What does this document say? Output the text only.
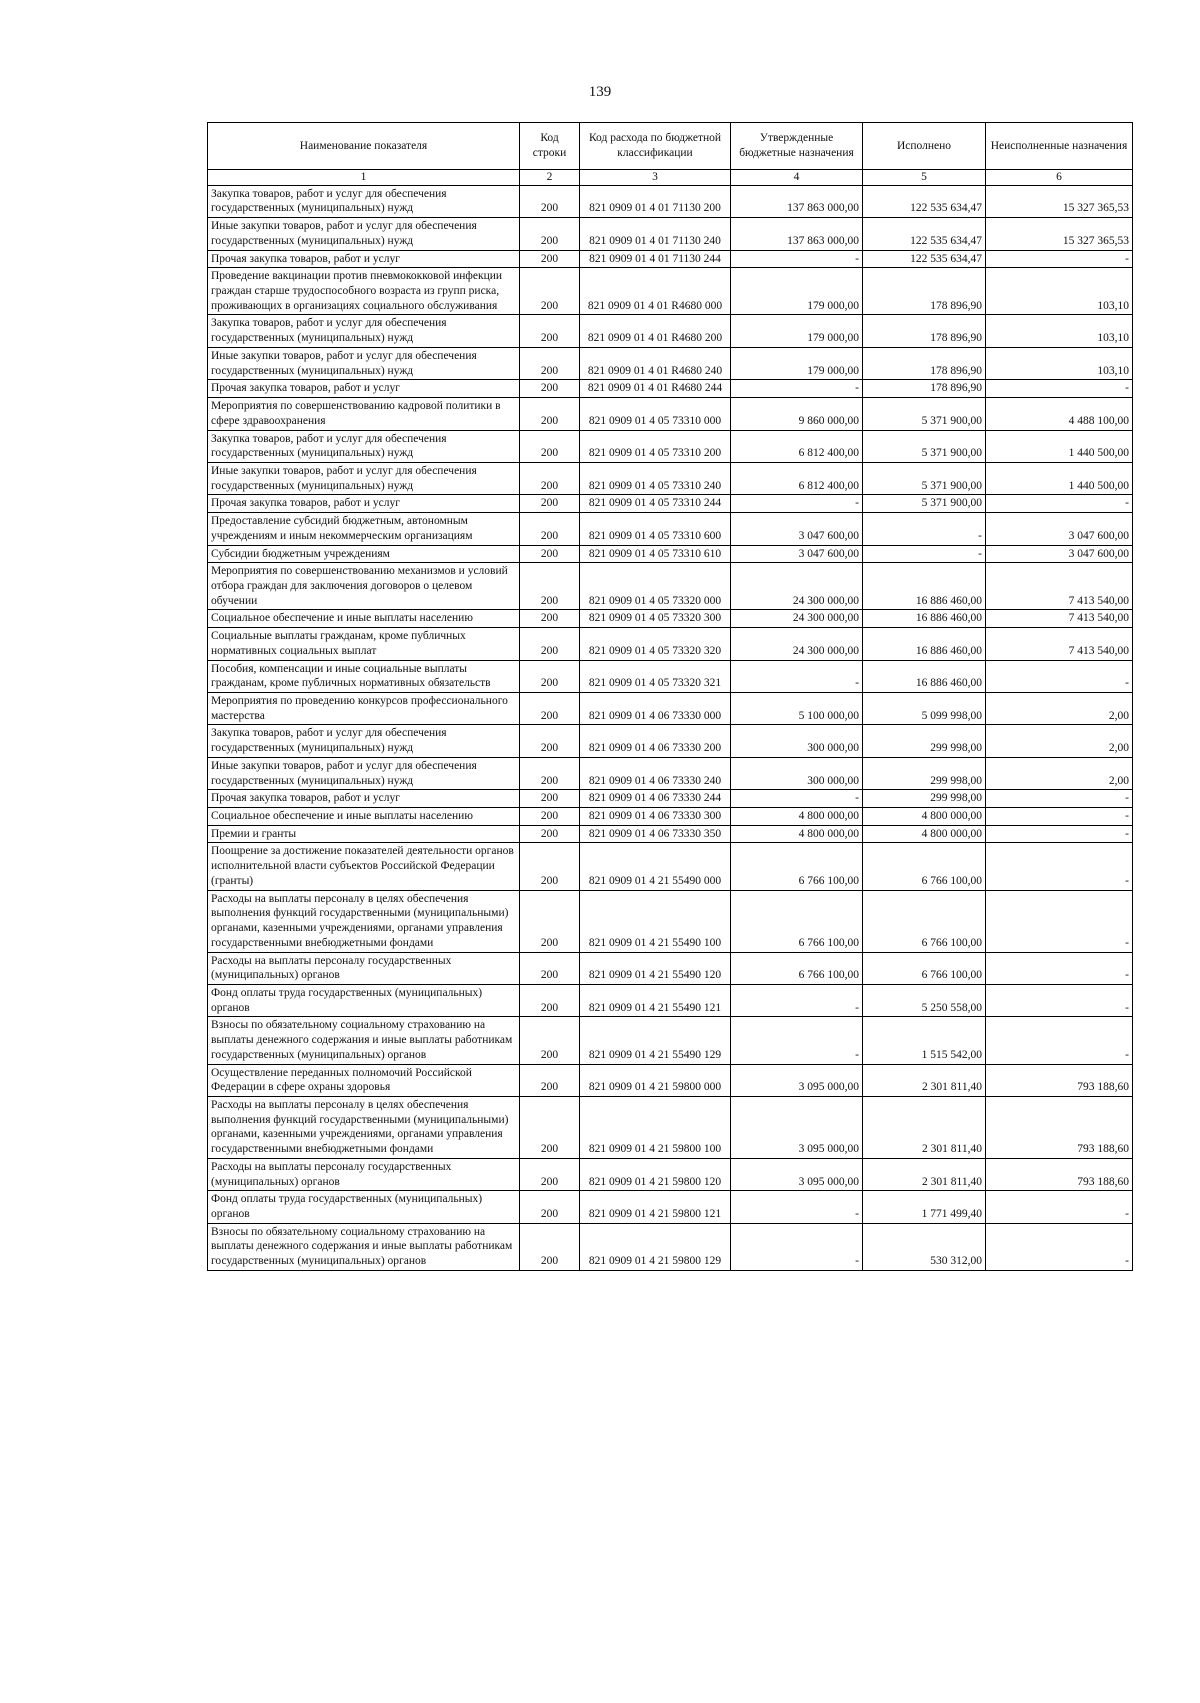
139
Наименование показателя	Код строки	Код расхода по бюджетной классификации	Утвержденные бюджетные назначения	Исполнено	Неисполненные назначения
1	2	3	4	5	6
Закупка товаров, работ и услуг для обеспечения государственных (муниципальных) нужд	200	821 0909 01 4 01 71130 200	137 863 000,00	122 535 634,47	15 327 365,53
Иные закупки товаров, работ и услуг для обеспечения государственных (муниципальных) нужд	200	821 0909 01 4 01 71130 240	137 863 000,00	122 535 634,47	15 327 365,53
Прочая закупка товаров, работ и услуг	200	821 0909 01 4 01 71130 244	-	122 535 634,47	-
Проведение вакцинации против пневмококковой инфекции граждан старше трудоспособного возраста из групп риска, проживающих в организациях социального обслуживания	200	821 0909 01 4 01 R4680 000	179 000,00	178 896,90	103,10
Закупка товаров, работ и услуг для обеспечения государственных (муниципальных) нужд	200	821 0909 01 4 01 R4680 200	179 000,00	178 896,90	103,10
Иные закупки товаров, работ и услуг для обеспечения государственных (муниципальных) нужд	200	821 0909 01 4 01 R4680 240	179 000,00	178 896,90	103,10
Прочая закупка товаров, работ и услуг	200	821 0909 01 4 01 R4680 244	-	178 896,90	-
Мероприятия по совершенствованию кадровой политики в сфере здравоохранения	200	821 0909 01 4 05 73310 000	9 860 000,00	5 371 900,00	4 488 100,00
Закупка товаров, работ и услуг для обеспечения государственных (муниципальных) нужд	200	821 0909 01 4 05 73310 200	6 812 400,00	5 371 900,00	1 440 500,00
Иные закупки товаров, работ и услуг для обеспечения государственных (муниципальных) нужд	200	821 0909 01 4 05 73310 240	6 812 400,00	5 371 900,00	1 440 500,00
Прочая закупка товаров, работ и услуг	200	821 0909 01 4 05 73310 244	-	5 371 900,00	-
Предоставление субсидий бюджетным, автономным учреждениям и иным некоммерческим организациям	200	821 0909 01 4 05 73310 600	3 047 600,00	-	3 047 600,00
Субсидии бюджетным учреждениям	200	821 0909 01 4 05 73310 610	3 047 600,00	-	3 047 600,00
Мероприятия по совершенствованию механизмов и условий отбора граждан для заключения договоров о целевом обучении	200	821 0909 01 4 05 73320 000	24 300 000,00	16 886 460,00	7 413 540,00
Социальное обеспечение и иные выплаты населению	200	821 0909 01 4 05 73320 300	24 300 000,00	16 886 460,00	7 413 540,00
Социальные выплаты гражданам, кроме публичных нормативных социальных выплат	200	821 0909 01 4 05 73320 320	24 300 000,00	16 886 460,00	7 413 540,00
Пособия, компенсации и иные социальные выплаты гражданам, кроме публичных нормативных обязательств	200	821 0909 01 4 05 73320 321	-	16 886 460,00	-
Мероприятия по проведению конкурсов профессионального мастерства	200	821 0909 01 4 06 73330 000	5 100 000,00	5 099 998,00	2,00
Закупка товаров, работ и услуг для обеспечения государственных (муниципальных) нужд	200	821 0909 01 4 06 73330 200	300 000,00	299 998,00	2,00
Иные закупки товаров, работ и услуг для обеспечения государственных (муниципальных) нужд	200	821 0909 01 4 06 73330 240	300 000,00	299 998,00	2,00
Прочая закупка товаров, работ и услуг	200	821 0909 01 4 06 73330 244	-	299 998,00	-
Социальное обеспечение и иные выплаты населению	200	821 0909 01 4 06 73330 300	4 800 000,00	4 800 000,00	-
Премии и гранты	200	821 0909 01 4 06 73330 350	4 800 000,00	4 800 000,00	-
Поощрение за достижение показателей деятельности органов исполнительной власти субъектов Российской Федерации (гранты)	200	821 0909 01 4 21 55490 000	6 766 100,00	6 766 100,00	-
Расходы на выплаты персоналу в целях обеспечения выполнения функций государственными (муниципальными) органами, казенными учреждениями, органами управления государственными внебюджетными фондами	200	821 0909 01 4 21 55490 100	6 766 100,00	6 766 100,00	-
Расходы на выплаты персоналу государственных (муниципальных) органов	200	821 0909 01 4 21 55490 120	6 766 100,00	6 766 100,00	-
Фонд оплаты труда государственных (муниципальных) органов	200	821 0909 01 4 21 55490 121	-	5 250 558,00	-
Взносы по обязательному социальному страхованию на выплаты денежного содержания и иные выплаты работникам государственных (муниципальных) органов	200	821 0909 01 4 21 55490 129	-	1 515 542,00	-
Осуществление переданных полномочий Российской Федерации в сфере охраны здоровья	200	821 0909 01 4 21 59800 000	3 095 000,00	2 301 811,40	793 188,60
Расходы на выплаты персоналу в целях обеспечения выполнения функций государственными (муниципальными) органами, казенными учреждениями, органами управления государственными внебюджетными фондами	200	821 0909 01 4 21 59800 100	3 095 000,00	2 301 811,40	793 188,60
Расходы на выплаты персоналу государственных (муниципальных) органов	200	821 0909 01 4 21 59800 120	3 095 000,00	2 301 811,40	793 188,60
Фонд оплаты труда государственных (муниципальных) органов	200	821 0909 01 4 21 59800 121	-	1 771 499,40	-
Взносы по обязательному социальному страхованию на выплаты денежного содержания и иные выплаты работникам государственных (муниципальных) органов	200	821 0909 01 4 21 59800 129	-	530 312,00	-
